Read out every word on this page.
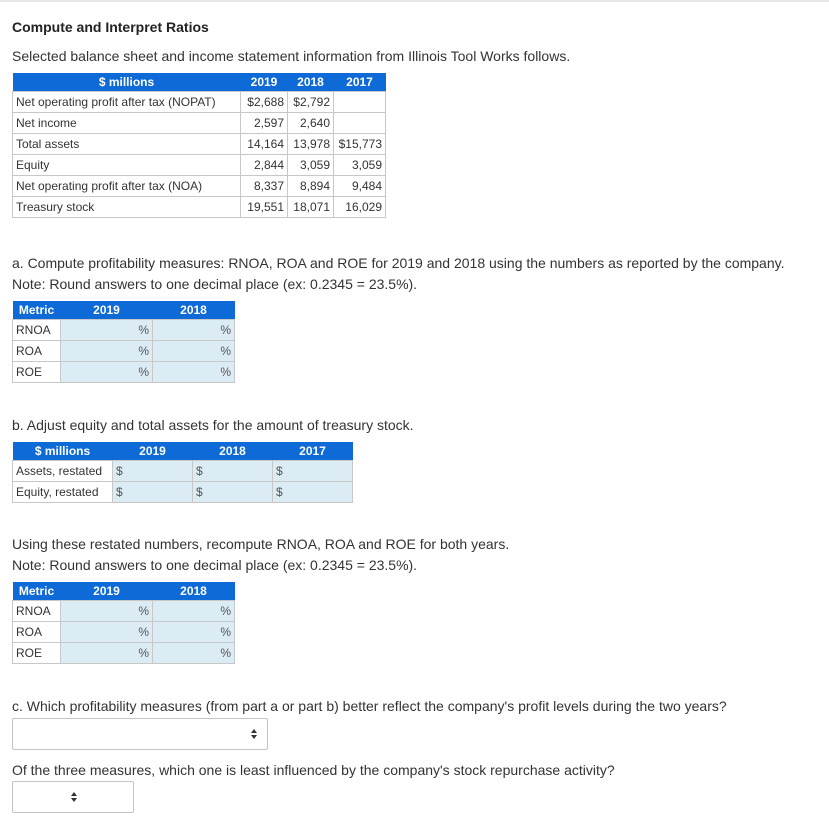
Compute and Interpret Ratios
Selected balance sheet and income statement information from Illinois Tool Works follows.
$ millions	2019	2018	2017
Net operating profit after tax (NOPAT)	$2,688	$2,792	
Net income	2,597	2,640	
Total assets	14,164	13,978	$15,773
Equity	2,844	3,059	3,059
Net operating profit after tax (NOA)	8,337	8,894	9,484
Treasury stock	19,551	18,071	16,029
a. Compute profitability measures: RNOA, ROA and ROE for 2019 and 2018 using the numbers as reported by the company.
Note: Round answers to one decimal place (ex: 0.2345 = 23.5%).
Metric	2019	2018
RNOA	%	%

ROA	%	%

ROE	%	%
b. Adjust equity and total assets for the amount of treasury stock.
$ millions	2019	2018	2017
Assets, restated	$	$	$

Equity, restated	$	$	$
Using these restated numbers, recompute RNOA, ROA and ROE for both years.
Note: Round answers to one decimal place (ex: 0.2345 = 23.5%).
Metric	2019	2018
RNOA	%	%

ROA	%	%

ROE	%	%
c. Which profitability measures (from part a or part b) better reflect the company's profit levels during the two years?
Of the three measures, which one is least influenced by the company's stock repurchase activity?
